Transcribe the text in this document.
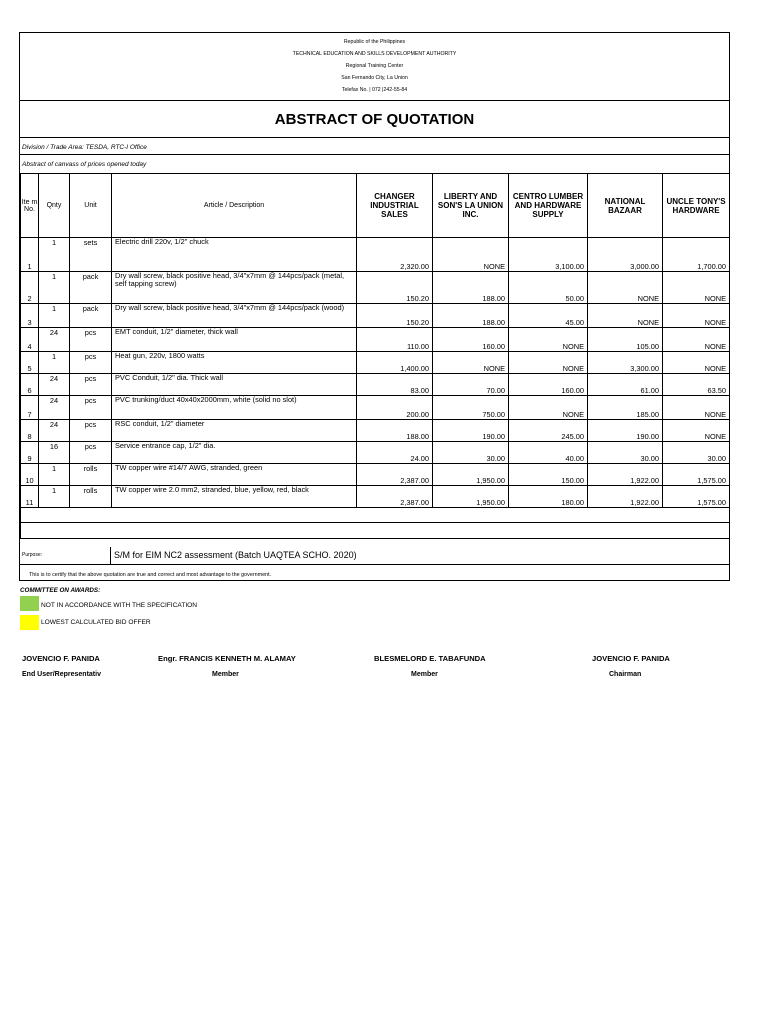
Republic of the Philippines
TECHNICAL EDUCATION AND SKILLS DEVELOPMENT AUTHORITY
Regional Training Center
San Fernando City, La Union
Telefax No. | 072 |242-55-84
ABSTRACT OF QUOTATION
Division / Trade Area: TESDA, RTC-I Office
Abstract of canvass of prices opened today
Ite m No.	Qnty	Unit	Article / Description	CHANGER INDUSTRIAL SALES	LIBERTY AND SON'S LA UNION INC.	CENTRO LUMBER AND HARDWARE SUPPLY	NATIONAL BAZAAR	UNCLE TONY'S HARDWARE
1	1	sets	Electric drill 220v, 1/2" chuck	2,320.00	NONE	3,100.00	3,000.00	1,700.00
2	1	pack	Dry wall screw, black positive head, 3/4"x7mm @ 144pcs/pack (metal, self tapping screw)	150.20	188.00	50.00	NONE	NONE
3	1	pack	Dry wall screw, black positive head, 3/4"x7mm @ 144pcs/pack (wood)	150.20	188.00	45.00	NONE	NONE
4	24	pcs	EMT conduit, 1/2" diameter, thick wall	110.00	160.00	NONE	105.00	NONE
5	1	pcs	Heat gun, 220v, 1800 watts	1,400.00	NONE	NONE	3,300.00	NONE
6	24	pcs	PVC Conduit, 1/2" dia. Thick wall	83.00	70.00	160.00	61.00	63.50
7	24	pcs	PVC trunking/duct 40x40x2000mm, white (solid no slot)	200.00	750.00	NONE	185.00	NONE
8	24	pcs	RSC conduit, 1/2" diameter	188.00	190.00	245.00	190.00	NONE
9	16	pcs	Service entrance cap, 1/2" dia.	24.00	30.00	40.00	30.00	30.00
10	1	rolls	TW copper wire #14/7 AWG, stranded, green	2,387.00	1,950.00	150.00	1,922.00	1,575.00
11	1	rolls	TW copper wire 2.0 mm2, stranded, blue, yellow, red, black	2,387.00	1,950.00	180.00	1,922.00	1,575.00

Purpose:	S/M for EIM NC2 assessment (Batch UAQTEA SCHO. 2020)
This is to certify that the above quotation are true and correct and most advantage to the government.
COMMITTEE ON AWARDS:
NOT IN ACCORDANCE WITH THE SPECIFICATION
LOWEST CALCULATED BID OFFER
JOVENCIO F. PANIDA
End User/Representativ
Engr. FRANCIS KENNETH M. ALAMAY
Member
BLESMELORD E. TABAFUNDA
Member
JOVENCIO F. PANIDA
Chairman
